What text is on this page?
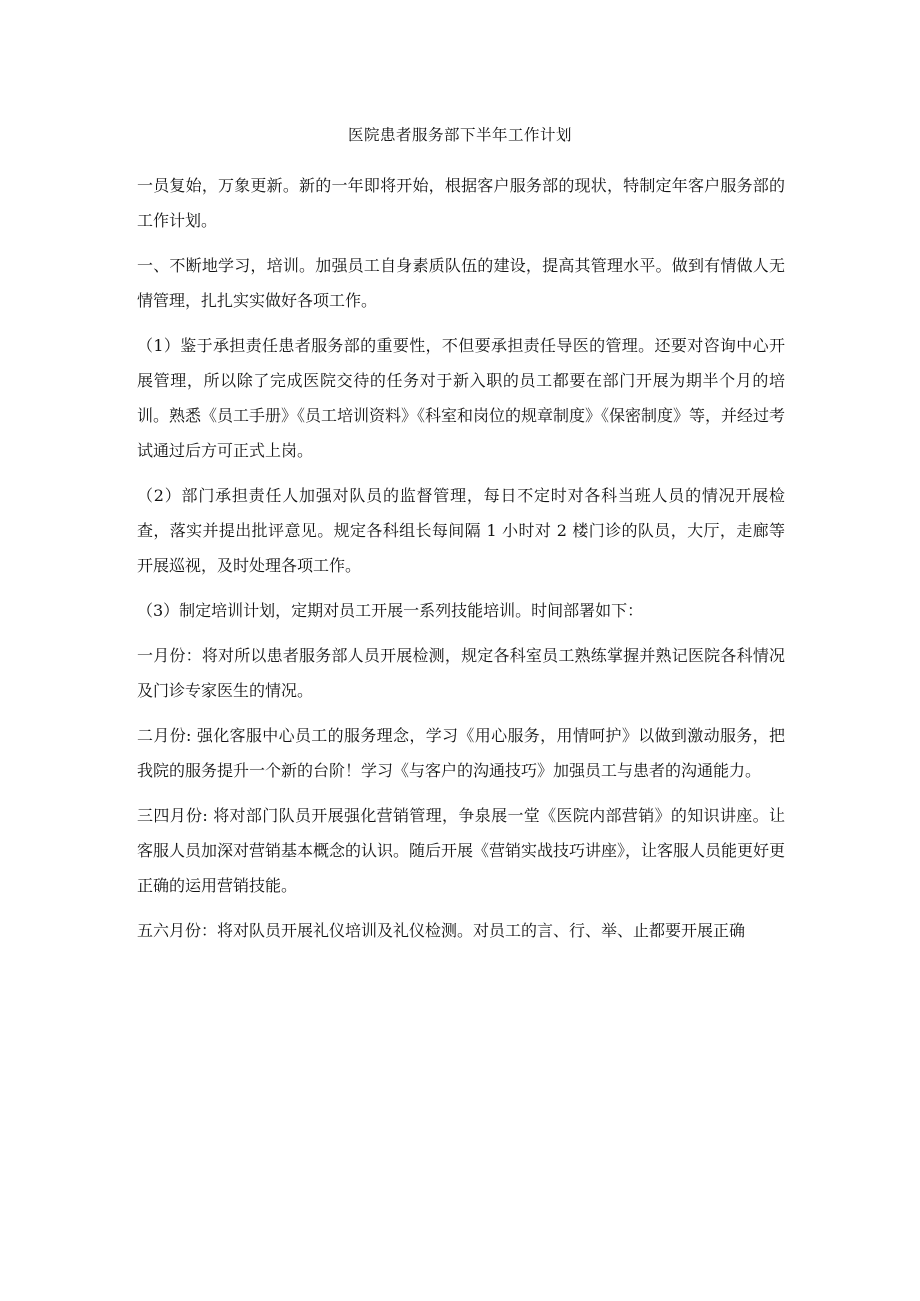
医院患者服务部下半年工作计划

一员复始，万象更新。新的一年即将开始，根据客户服务部的现状，特制定年客户服务部的工作计划。

一、不断地学习，培训。加强员工自身素质队伍的建设，提高其管理水平。做到有情做人无情管理，扎扎实实做好各项工作。

（1）鉴于承担责任患者服务部的重要性，不但要承担责任导医的管理。还要对咨询中心开展管理，所以除了完成医院交待的任务对于新入职的员工都要在部门开展为期半个月的培训。熟悉《员工手册》《员工培训资料》《科室和岗位的规章制度》《保密制度》等，并经过考试通过后方可正式上岗。

（2）部门承担责任人加强对队员的监督管理，每日不定时对各科当班人员的情况开展检查，落实并提出批评意见。规定各科组长每间隔 1 小时对 2 楼门诊的队员，大厅，走廊等开展巡视，及时处理各项工作。

（3）制定培训计划，定期对员工开展一系列技能培训。时间部署如下：

一月份：将对所以患者服务部人员开展检测，规定各科室员工熟练掌握并熟记医院各科情况及门诊专家医生的情况。

二月份: 强化客服中心员工的服务理念，学习《用心服务，用情呵护》以做到激动服务，把我院的服务提升一个新的台阶！学习《与客户的沟通技巧》加强员工与患者的沟通能力。

三四月份: 将对部门队员开展强化营销管理，争泉展一堂《医院内部营销》的知识讲座。让客服人员加深对营销基本概念的认识。随后开展《营销实战技巧讲座》，让客服人员能更好更正确的运用营销技能。

五六月份：将对队员开展礼仪培训及礼仪检测。对员工的言、行、举、止都要开展正确
